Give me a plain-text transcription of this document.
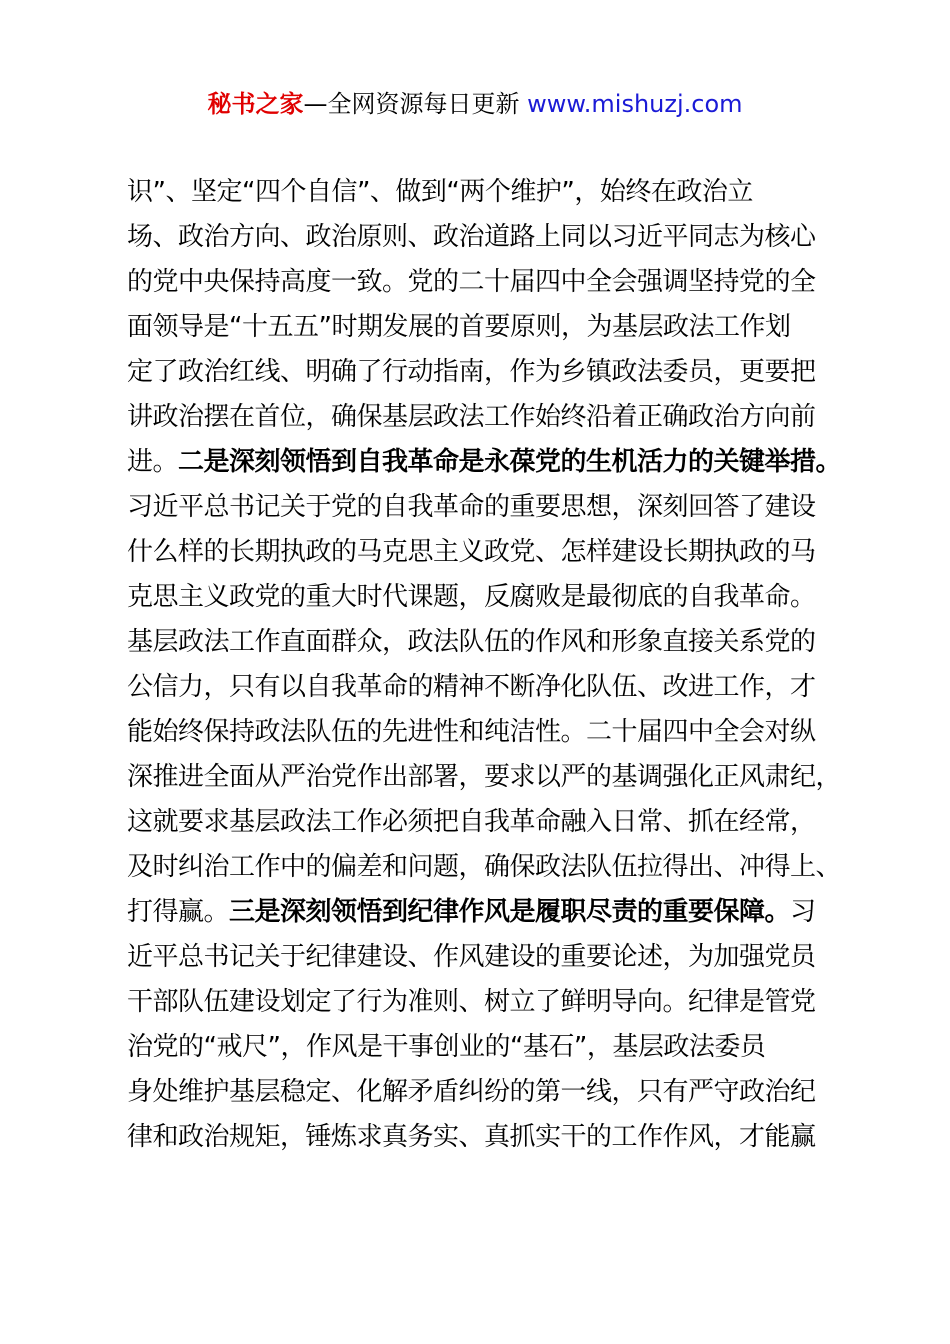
秘书之家—全网资源每日更新 www.mishuzj.com
识”、坚定“四个自信”、做到“两个维护”，始终在政治立
场、政治方向、政治原则、政治道路上同以习近平同志为核心
的党中央保持高度一致。党的二十届四中全会强调坚持党的全
面领导是“十五五”时期发展的首要原则，为基层政法工作划
定了政治红线、明确了行动指南，作为乡镇政法委员，更要把
讲政治摆在首位，确保基层政法工作始终沿着正确政治方向前
进。二是深刻领悟到自我革命是永葆党的生机活力的关键举措。
习近平总书记关于党的自我革命的重要思想，深刻回答了建设
什么样的长期执政的马克思主义政党、怎样建设长期执政的马
克思主义政党的重大时代课题，反腐败是最彻底的自我革命。
基层政法工作直面群众，政法队伍的作风和形象直接关系党的
公信力，只有以自我革命的精神不断净化队伍、改进工作，才
能始终保持政法队伍的先进性和纯洁性。二十届四中全会对纵
深推进全面从严治党作出部署，要求以严的基调强化正风肃纪，
这就要求基层政法工作必须把自我革命融入日常、抓在经常，
及时纠治工作中的偏差和问题，确保政法队伍拉得出、冲得上、
打得赢。三是深刻领悟到纪律作风是履职尽责的重要保障。习
近平总书记关于纪律建设、作风建设的重要论述，为加强党员
干部队伍建设划定了行为准则、树立了鲜明导向。纪律是管党
治党的“戒尺”，作风是干事创业的“基石”，基层政法委员
身处维护基层稳定、化解矛盾纠纷的第一线，只有严守政治纪
律和政治规矩，锤炼求真务实、真抓实干的工作作风，才能赢
